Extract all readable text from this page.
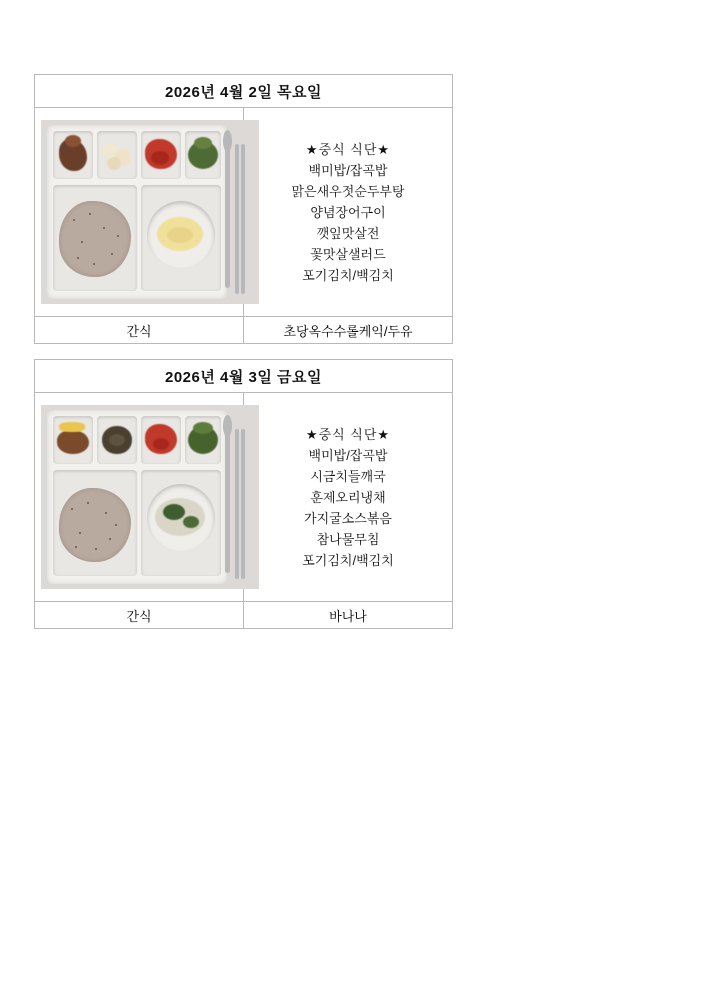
2026년 4월 2일 목요일	

★중식 식단★
백미밥/잡곡밥
맑은새우젓순두부탕
양념장어구이
깻잎맛살전
꽃맛살샐러드
포기김치/백김치

간식	초당옥수수롤케익/두유
2026년 4월 3일 금요일	

★중식 식단★
백미밥/잡곡밥
시금치들깨국
훈제오리냉채
가지굴소스볶음
참나물무침
포기김치/백김치

간식	바나나
